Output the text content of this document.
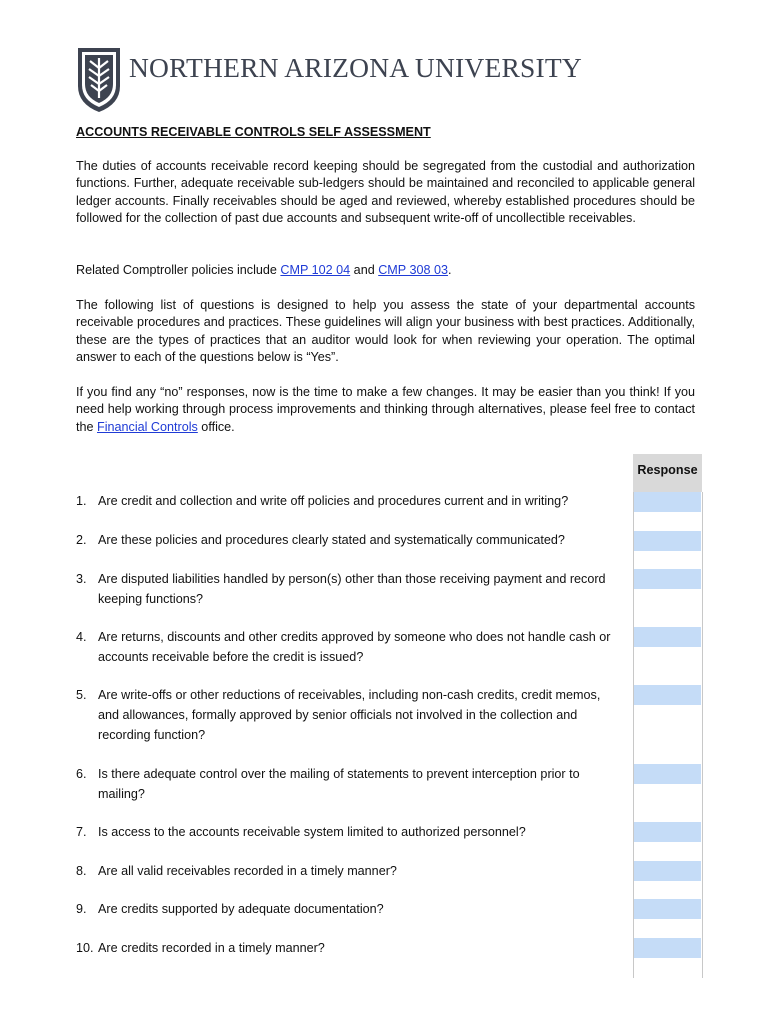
NORTHERN ARIZONA UNIVERSITY
ACCOUNTS RECEIVABLE CONTROLS SELF ASSESSMENT

The duties of accounts receivable record keeping should be segregated from the custodial and authorization functions. Further, adequate receivable sub-ledgers should be maintained and reconciled to applicable general ledger accounts. Finally receivables should be aged and reviewed, whereby established procedures should be followed for the collection of past due accounts and subsequent write-off of uncollectible receivables.

Related Comptroller policies include CMP 102 04 and CMP 308 03.

The following list of questions is designed to help you assess the state of your departmental accounts receivable procedures and practices. These guidelines will align your business with best practices. Additionally, these are the types of practices that an auditor would look for when reviewing your operation. The optimal answer to each of the questions below is “Yes”.

If you find any “no” responses, now is the time to make a few changes. It may be easier than you think! If you need help working through process improvements and thinking through alternatives, please feel free to contact the Financial Controls office.

Response
1. Are credit and collection and write off policies and procedures current and in writing?
2. Are these policies and procedures clearly stated and systematically communicated?
3. Are disputed liabilities handled by person(s) other than those receiving payment and record keeping functions?
4. Are returns, discounts and other credits approved by someone who does not handle cash or accounts receivable before the credit is issued?
5. Are write-offs or other reductions of receivables, including non-cash credits, credit memos, and allowances, formally approved by senior officials not involved in the collection and recording function?
6. Is there adequate control over the mailing of statements to prevent interception prior to mailing?
7. Is access to the accounts receivable system limited to authorized personnel?
8. Are all valid receivables recorded in a timely manner?
9. Are credits supported by adequate documentation?
10. Are credits recorded in a timely manner?
